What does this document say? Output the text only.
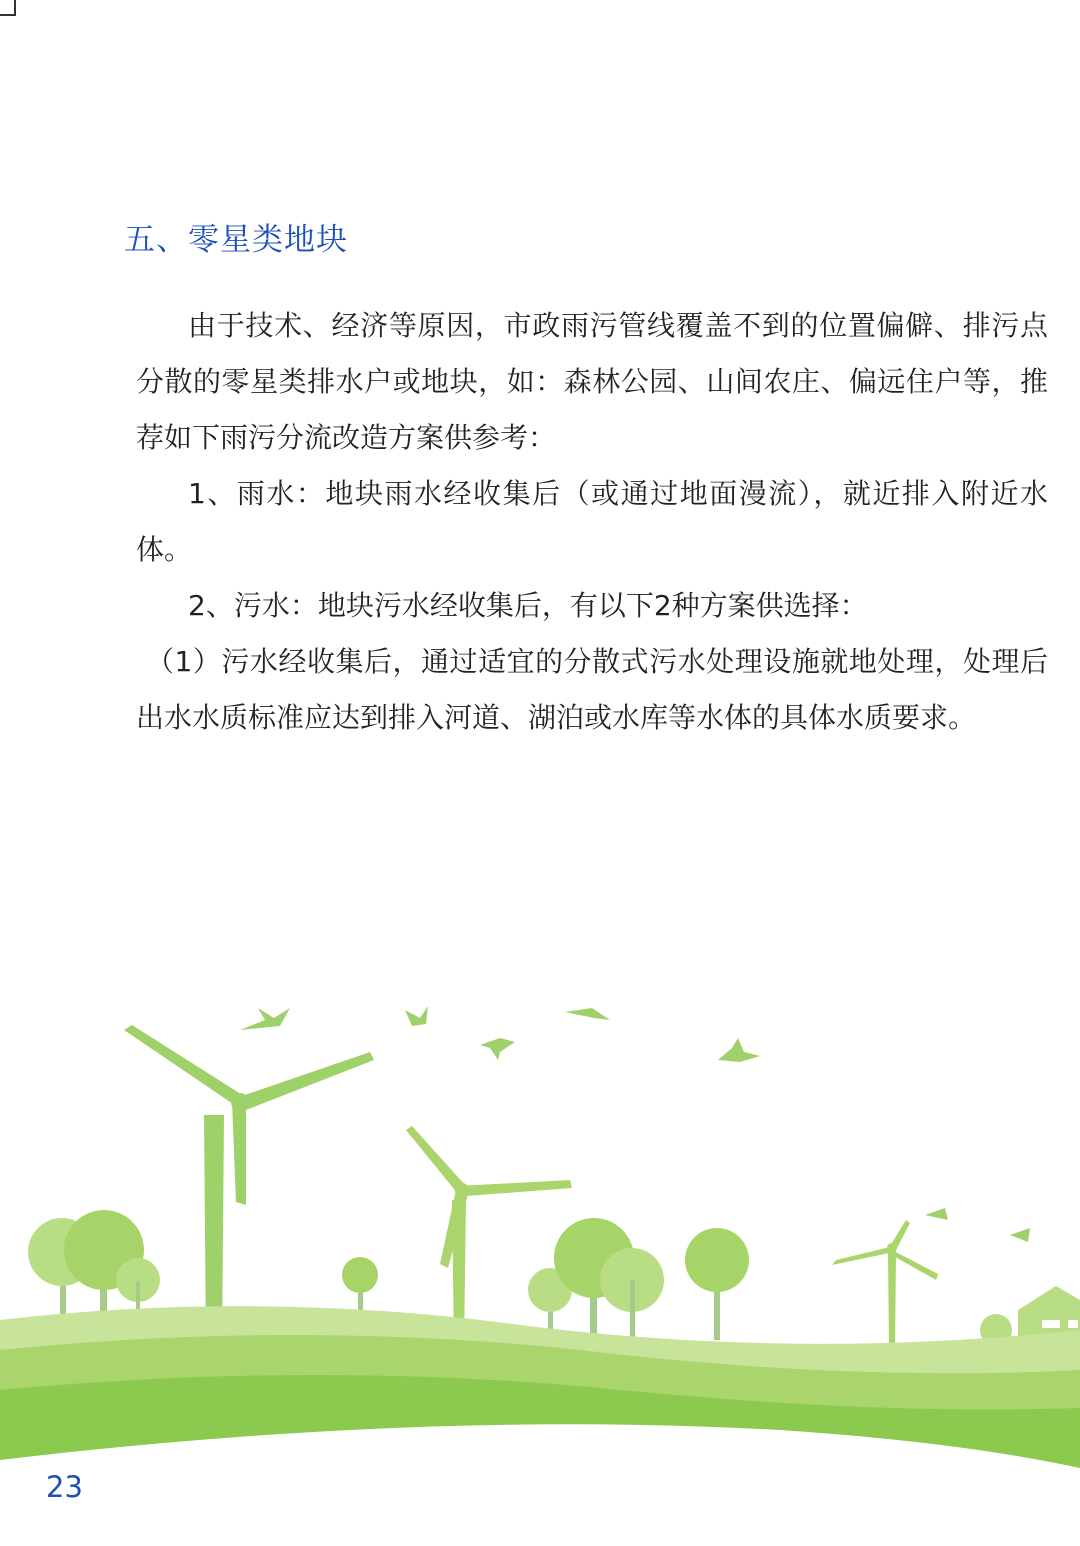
五、零星类地块

由于技术、经济等原因，市政雨污管线覆盖不到的位置偏僻、排污点分散的零星类排水户或地块，如：森林公园、山间农庄、偏远住户等，推荐如下雨污分流改造方案供参考：

1、雨水：地块雨水经收集后（或通过地面漫流），就近排入附近水体。

2、污水：地块污水经收集后，有以下2种方案供选择：

（1）污水经收集后，通过适宜的分散式污水处理设施就地处理，处理后出水水质标准应达到排入河道、湖泊或水库等水体的具体水质要求。

23
